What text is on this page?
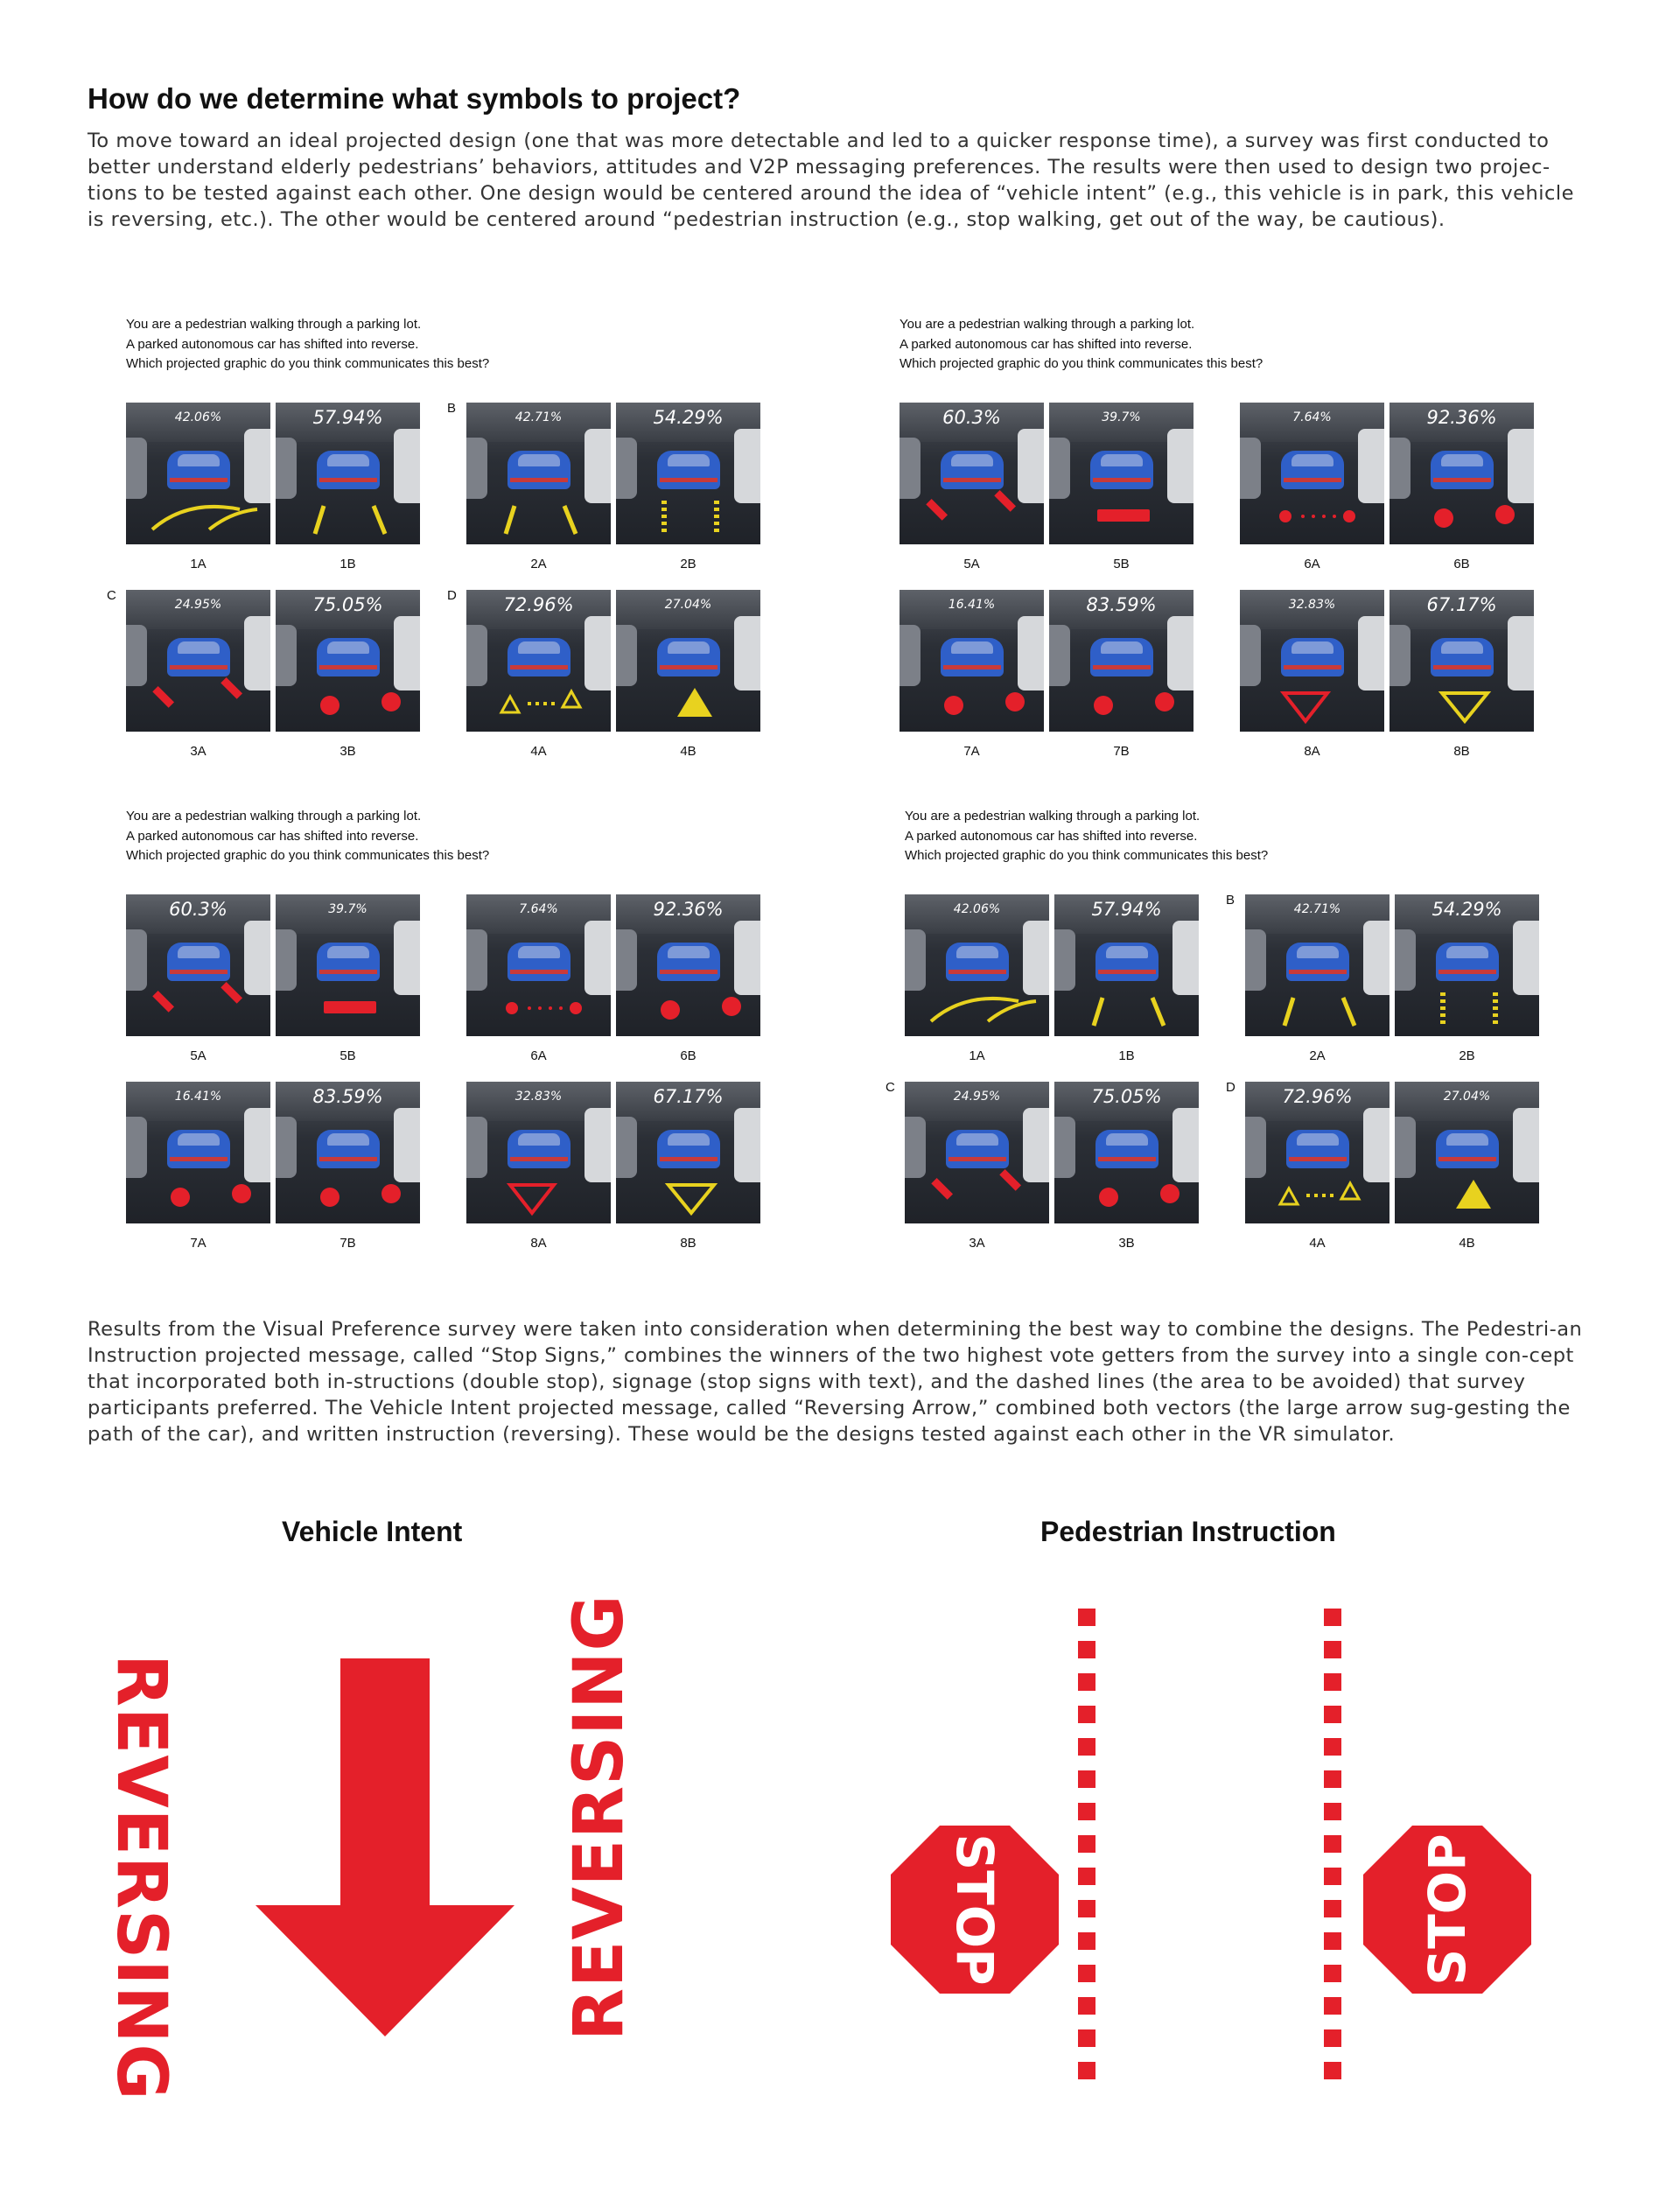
How do we determine what symbols to project?
To move toward an ideal projected design (one that was more detectable and led to a quicker response time), a survey was first conducted to better understand elderly pedestrians’ behaviors, attitudes and V2P messaging preferences. The results were then used to design two projec-tions to be tested against each other. One design would be centered around the idea of “vehicle intent” (e.g., this vehicle is in park, this vehicle is reversing, etc.). The other would be centered around “pedestrian instruction (e.g., stop walking, get out of the way, be cautious).
You are a pedestrian walking through a parking lot.
A parked autonomous car has shifted into reverse.
Which projected graphic do you think communicates this best?
42.06%
1A
57.94%
1B
B
42.71%
2A
54.29%
2B
C
24.95%
3A
75.05%
3B
D	72.96%
4A
27.04%
4B
You are a pedestrian walking through a parking lot.
A parked autonomous car has shifted into reverse.
Which projected graphic do you think communicates this best?
60.3%
5A
39.7%
5B
7.64%
6A
92.36%
6B
16.41%
7A
83.59%
7B
32.83%
8A
67.17%
8B
You are a pedestrian walking through a parking lot.
A parked autonomous car has shifted into reverse.
Which projected graphic do you think communicates this best?
60.3%
5A
39.7%
5B
7.64%
6A
92.36%
6B
16.41%
7A
83.59%
7B
32.83%
8A
67.17%
8B
You are a pedestrian walking through a parking lot.
A parked autonomous car has shifted into reverse.
Which projected graphic do you think communicates this best?
42.06%
1A
57.94%
1B
B
42.71%
2A
54.29%
2B
C
24.95%
3A
75.05%
3B
D	72.96%
4A
27.04%
4B
Results from the Visual Preference survey were taken into consideration when determining the best way to combine the designs. The Pedestri-an Instruction projected message, called “Stop Signs,” combines the winners of the two highest vote getters from the survey into a single con-cept that incorporated both in-structions (double stop), signage (stop signs with text), and the dashed lines (the area to be avoided) that survey participants preferred. The Vehicle Intent projected message, called “Reversing Arrow,” combined both vectors (the large arrow sug-gesting the path of the car), and written instruction (reversing). These would be the designs tested against each other in the VR simulator.
Vehicle Intent
REVERSING	REVERSING
Pedestrian Instruction
STOP	STOP
